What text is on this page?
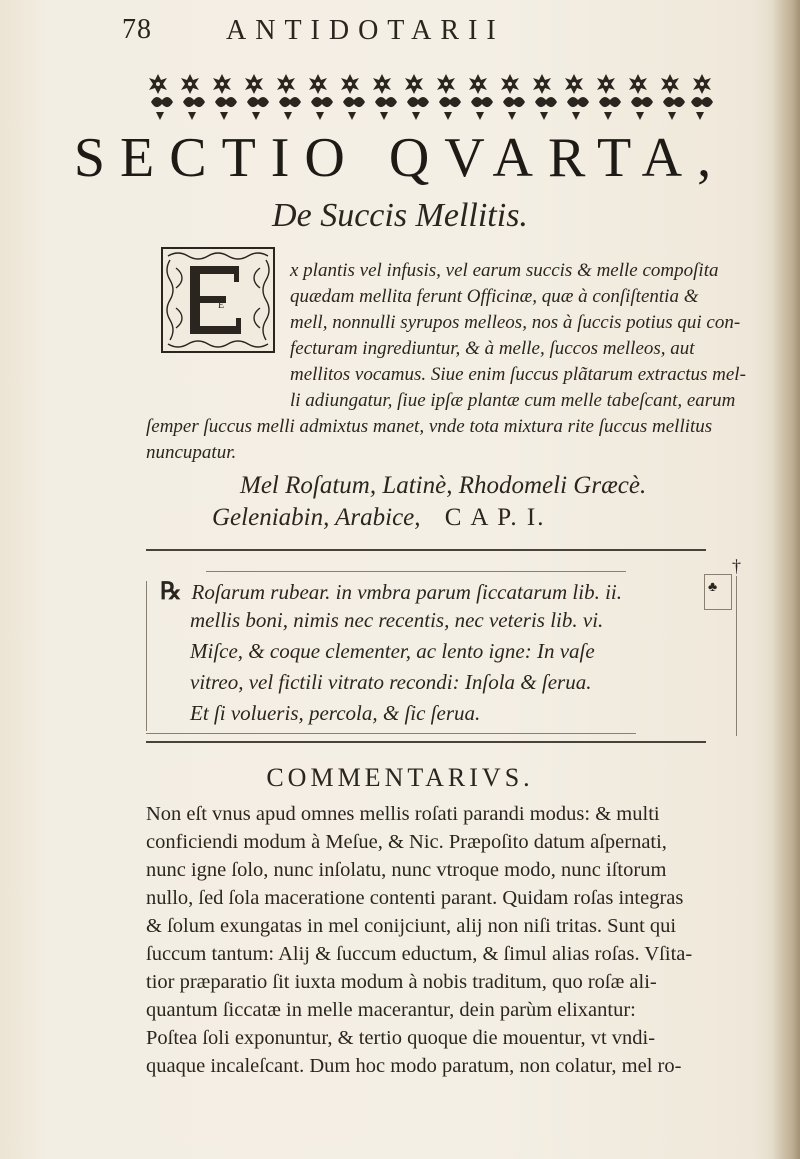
78	ANTIDOTARII
SECTIO QVARTA,
De Succis Mellitis.
E
x plantis vel infusis, vel earum succis & melle compoſita
quædam mellita ferunt Officinæ, quæ à conſiſtentia &
mell, nonnulli syrupos melleos, nos à ſuccis potius qui con-
fecturam ingrediuntur, & à melle, ſuccos melleos, aut
mellitos vocamus. Siue enim ſuccus plãtarum extractus mel-
li adiungatur, ſiue ipſæ plantæ cum melle tabeſcant, earum
ſemper ſuccus melli admixtus manet, vnde tota mixtura rite ſuccus mellitus
nuncupatur.
Mel Roſatum, Latinè, Rhodomeli Græcè.
Geleniabin, Arabice, C A P. I.
℞ Roſarum rubear. in vmbra parum ſiccatarum lib. ii.
mellis boni, nimis nec recentis, nec veteris lib. vi.
Miſce, & coque clementer, ac lento igne: In vaſe
vitreo, vel fictili vitrato recondi: Inſola & ſerua.
Et ſi volueris, percola, & ſic ſerua.
†
♣
COMMENTARIVS.
Non eſt vnus apud omnes mellis roſati parandi modus: & multi
conficiendi modum à Meſue, & Nic. Præpoſito datum aſpernati,
nunc igne ſolo, nunc inſolatu, nunc vtroque modo, nunc iſtorum
nullo, ſed ſola maceratione contenti parant. Quidam roſas integras
& ſolum exungatas in mel conijciunt, alij non niſi tritas. Sunt qui
ſuccum tantum: Alij & ſuccum eductum, & ſimul alias roſas. Vſita-
tior præparatio ſit iuxta modum à nobis traditum, quo roſæ ali-
quantum ſiccatæ in melle macerantur, dein parùm elixantur:
Poſtea ſoli exponuntur, & tertio quoque die mouentur, vt vndi-
quaque incaleſcant. Dum hoc modo paratum, non colatur, mel ro-
